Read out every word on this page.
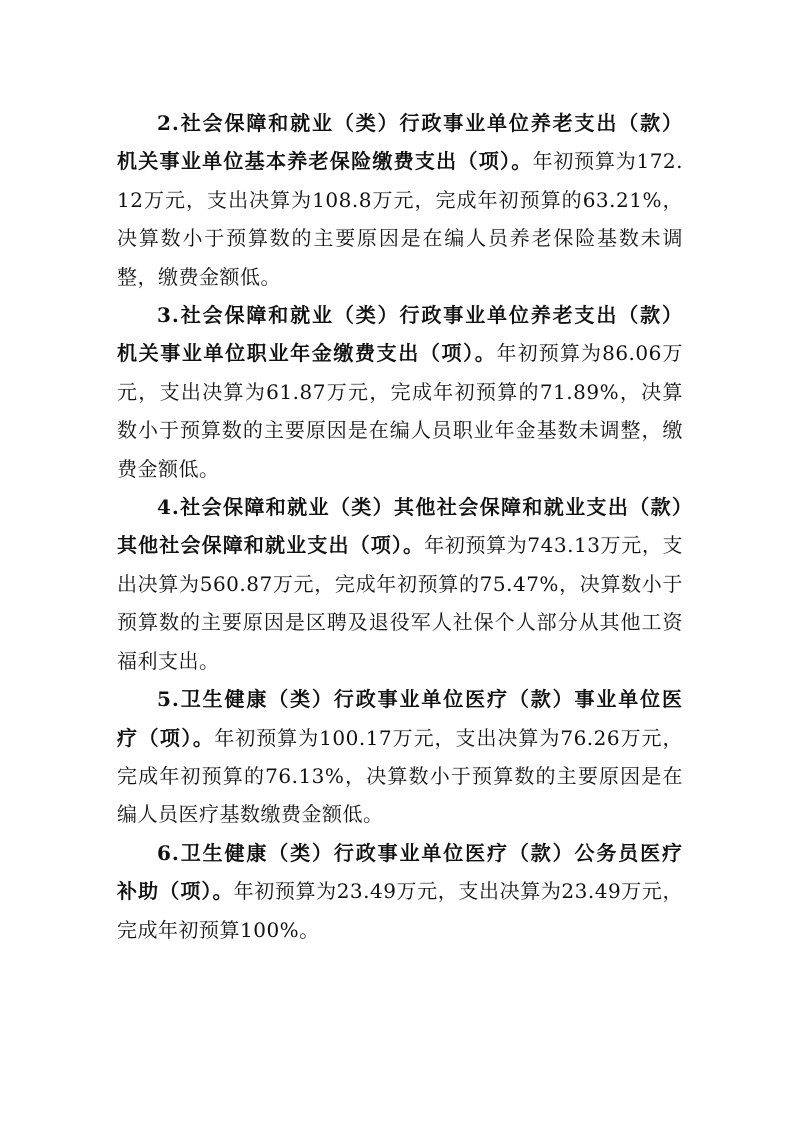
2.社会保障和就业（类）行政事业单位养老支出（款）机关事业单位基本养老保险缴费支出（项）。年初预算为172.12万元，支出决算为108.8万元，完成年初预算的63.21%，决算数小于预算数的主要原因是在编人员养老保险基数未调整，缴费金额低。

3.社会保障和就业（类）行政事业单位养老支出（款）机关事业单位职业年金缴费支出（项）。年初预算为86.06万元，支出决算为61.87万元，完成年初预算的71.89%，决算数小于预算数的主要原因是在编人员职业年金基数未调整，缴费金额低。

4.社会保障和就业（类）其他社会保障和就业支出（款）其他社会保障和就业支出（项）。年初预算为743.13万元，支出决算为560.87万元，完成年初预算的75.47%，决算数小于预算数的主要原因是区聘及退役军人社保个人部分从其他工资福利支出。

5.卫生健康（类）行政事业单位医疗（款）事业单位医疗（项）。年初预算为100.17万元，支出决算为76.26万元，完成年初预算的76.13%，决算数小于预算数的主要原因是在编人员医疗基数缴费金额低。

6.卫生健康（类）行政事业单位医疗（款）公务员医疗补助（项）。年初预算为23.49万元，支出决算为23.49万元，完成年初预算100%。
